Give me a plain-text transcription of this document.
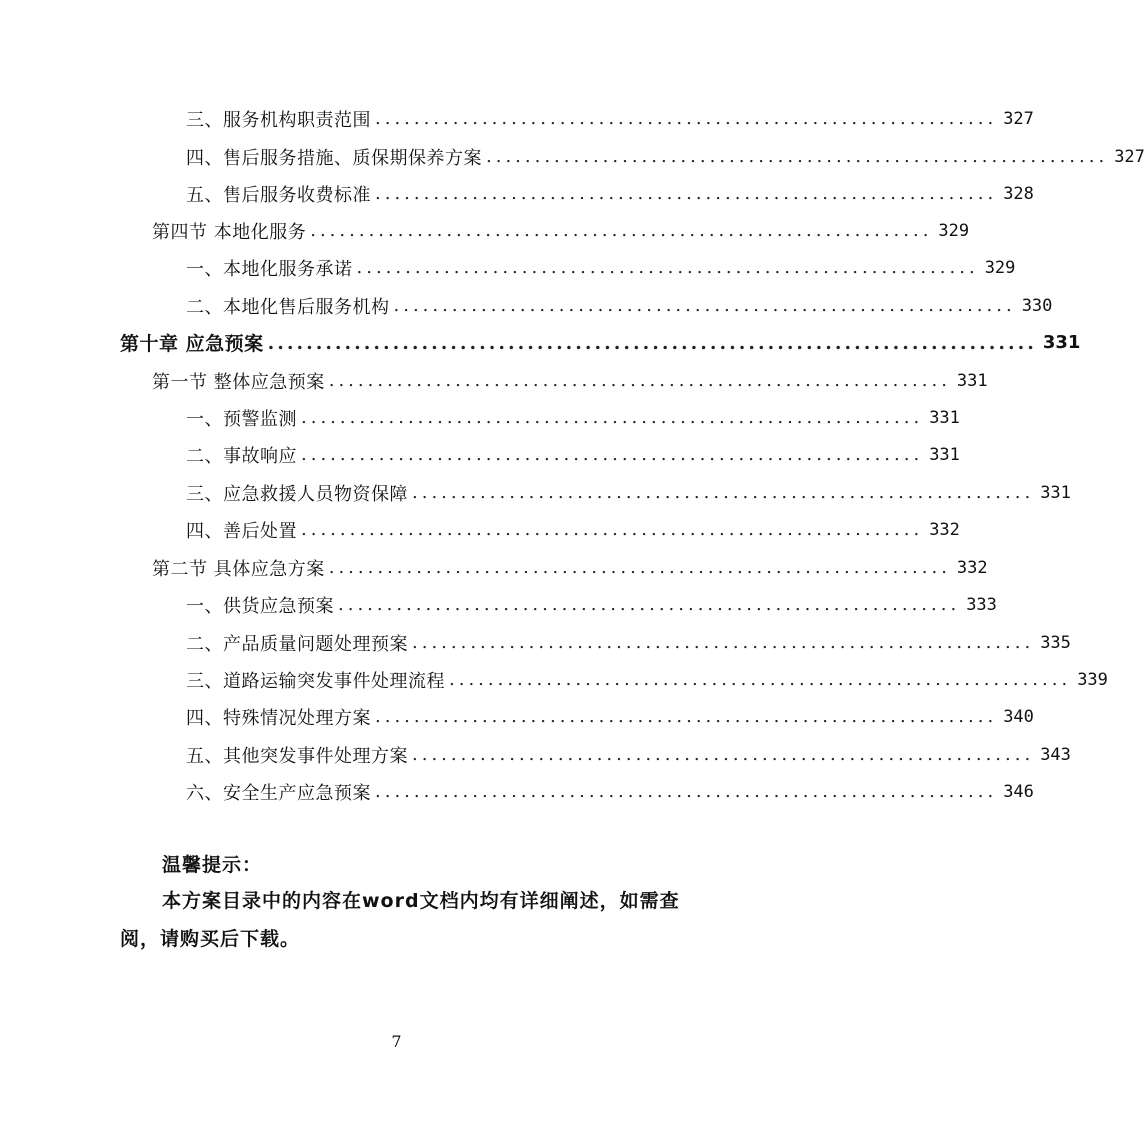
三、服务机构职责范围 ................................................................ 327
四、售后服务措施、质保期保养方案 ................................................................ 327
五、售后服务收费标准 ................................................................ 328
第四节 本地化服务 ................................................................ 329
一、本地化服务承诺 ................................................................ 329
二、本地化售后服务机构 ................................................................ 330
第十章 应急预案 ................................................................................ 331
第一节 整体应急预案 ................................................................ 331
一、预警监测 ................................................................ 331
二、事故响应 ................................................................ 331
三、应急救援人员物资保障 ................................................................ 331
四、善后处置 ................................................................ 332
第二节 具体应急方案 ................................................................ 332
一、供货应急预案 ................................................................ 333
二、产品质量问题处理预案 ................................................................ 335
三、道路运输突发事件处理流程 ................................................................ 339
四、特殊情况处理方案 ................................................................ 340
五、其他突发事件处理方案 ................................................................ 343
六、安全生产应急预案 ................................................................ 346
温馨提示：
本方案目录中的内容在word文档内均有详细阐述，如需查阅，请购买后下载。
7
